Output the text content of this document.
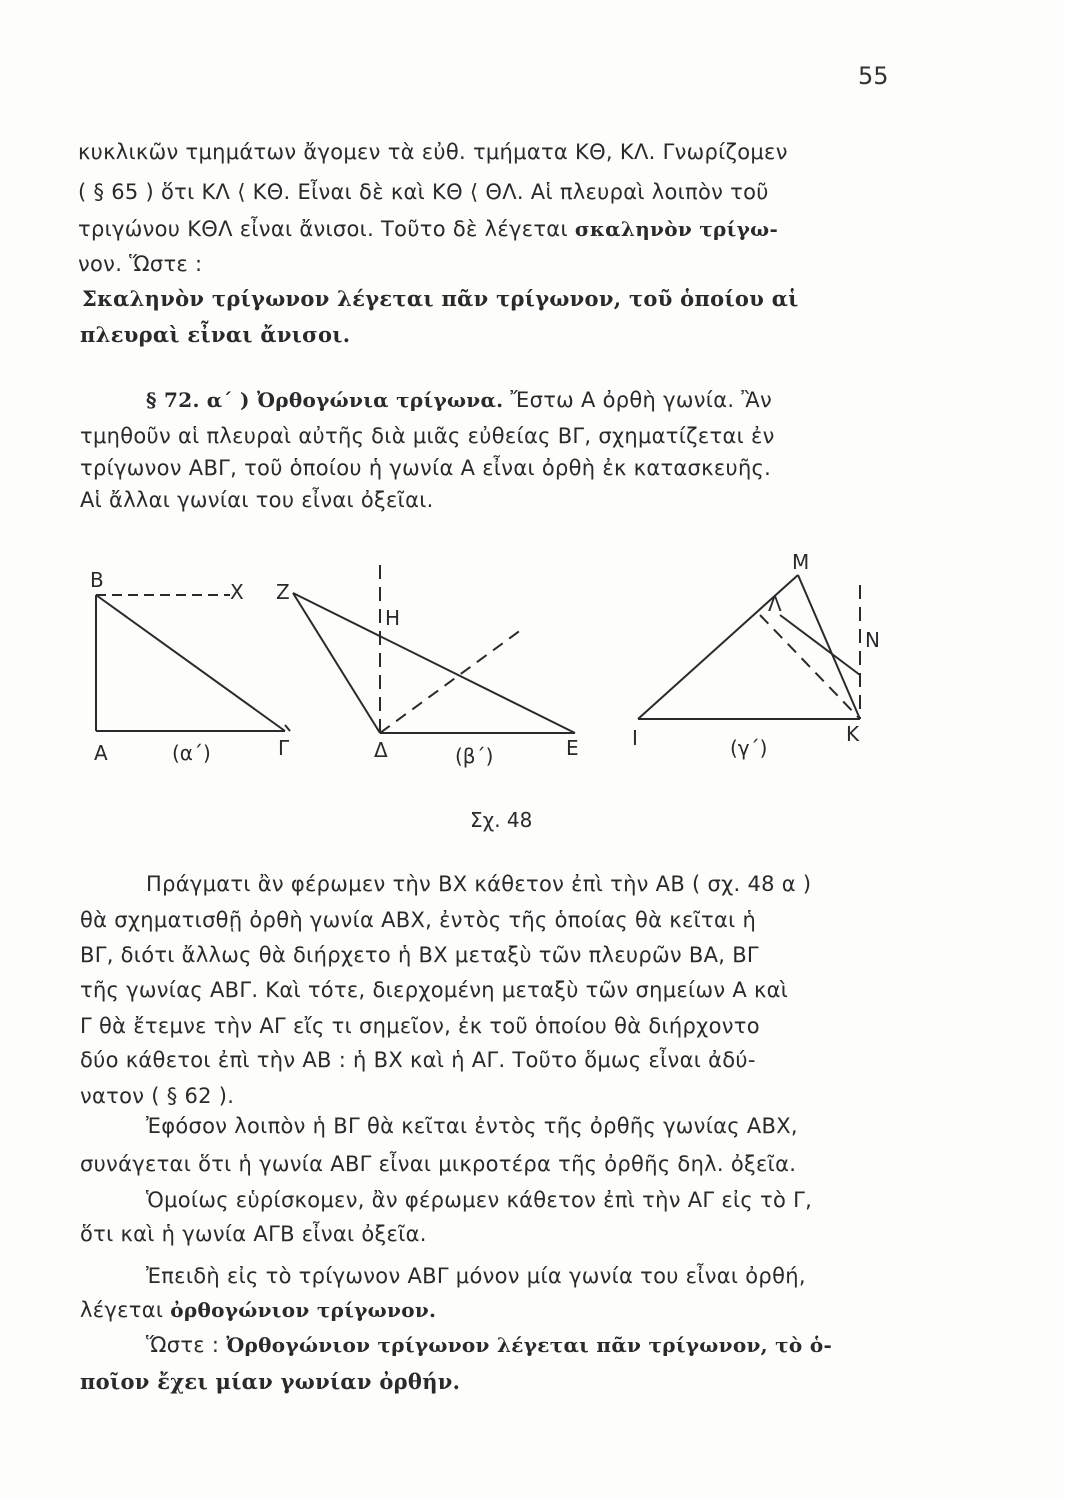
55
κυκλικῶν τμημάτων ἄγομεν τὰ εὐθ. τμήματα ΚΘ, ΚΛ. Γνωρίζομεν
( § 65 ) ὅτι ΚΛ ⟨ ΚΘ. Εἶναι δὲ καὶ ΚΘ ⟨ ΘΛ. Αἱ πλευραὶ λοιπὸν τοῦ
τριγώνου ΚΘΛ εἶναι ἄνισοι. Τοῦτο δὲ λέγεται σκαληνὸν τρίγω-
νον. Ὥστε :
Σκαληνὸν τρίγωνον λέγεται πᾶν τρίγωνον, τοῦ ὁποίου αἱ
πλευραὶ εἶναι ἄνισοι.
§ 72. α΄ ) Ὀρθογώνια τρίγωνα. Ἔστω Α ὀρθὴ γωνία. Ἂν
τμηθοῦν αἱ πλευραὶ αὐτῆς διὰ μιᾶς εὐθείας ΒΓ, σχηματίζεται ἐν
τρίγωνον ΑΒΓ, τοῦ ὁποίου ἡ γωνία Α εἶναι ὀρθὴ ἐκ κατασκευῆς.
Αἱ ἄλλαι γωνίαι του εἶναι ὀξεῖαι.
Β	Χ
Α	(α΄)	Γ
Ζ
Η
Δ	(β΄)	Ε
Μ
Λ
Ν
Ι	(γ΄)
Κ
Σχ. 48
Πράγματι ἂν φέρωμεν τὴν ΒΧ κάθετον ἐπὶ τὴν ΑΒ ( σχ. 48 α )
θὰ σχηματισθῇ ὀρθὴ γωνία ΑΒΧ, ἐντὸς τῆς ὁποίας θὰ κεῖται ἡ
ΒΓ, διότι ἄλλως θὰ διήρχετο ἡ ΒΧ μεταξὺ τῶν πλευρῶν ΒΑ, ΒΓ
τῆς γωνίας ΑΒΓ. Καὶ τότε, διερχομένη μεταξὺ τῶν σημείων Α καὶ
Γ θὰ ἔτεμνε τὴν ΑΓ εἴς τι σημεῖον, ἐκ τοῦ ὁποίου θὰ διήρχοντο
δύο κάθετοι ἐπὶ τὴν ΑΒ : ἡ ΒΧ καὶ ἡ ΑΓ. Τοῦτο ὅμως εἶναι ἀδύ-
νατον ( § 62 ).
Ἐφόσον λοιπὸν ἡ ΒΓ θὰ κεῖται ἐντὸς τῆς ὀρθῆς γωνίας ΑΒΧ,
συνάγεται ὅτι ἡ γωνία ΑΒΓ εἶναι μικροτέρα τῆς ὀρθῆς δηλ. ὀξεῖα.
Ὁμοίως εὑρίσκομεν, ἂν φέρωμεν κάθετον ἐπὶ τὴν ΑΓ εἰς τὸ Γ,
ὅτι καὶ ἡ γωνία ΑΓΒ εἶναι ὀξεῖα.
Ἐπειδὴ εἰς τὸ τρίγωνον ΑΒΓ μόνον μία γωνία του εἶναι ὀρθή,
λέγεται ὀρθογώνιον τρίγωνον.
Ὥστε : Ὀρθογώνιον τρίγωνον λέγεται πᾶν τρίγωνον, τὸ ὁ-
ποῖον ἔχει μίαν γωνίαν ὀρθήν.
